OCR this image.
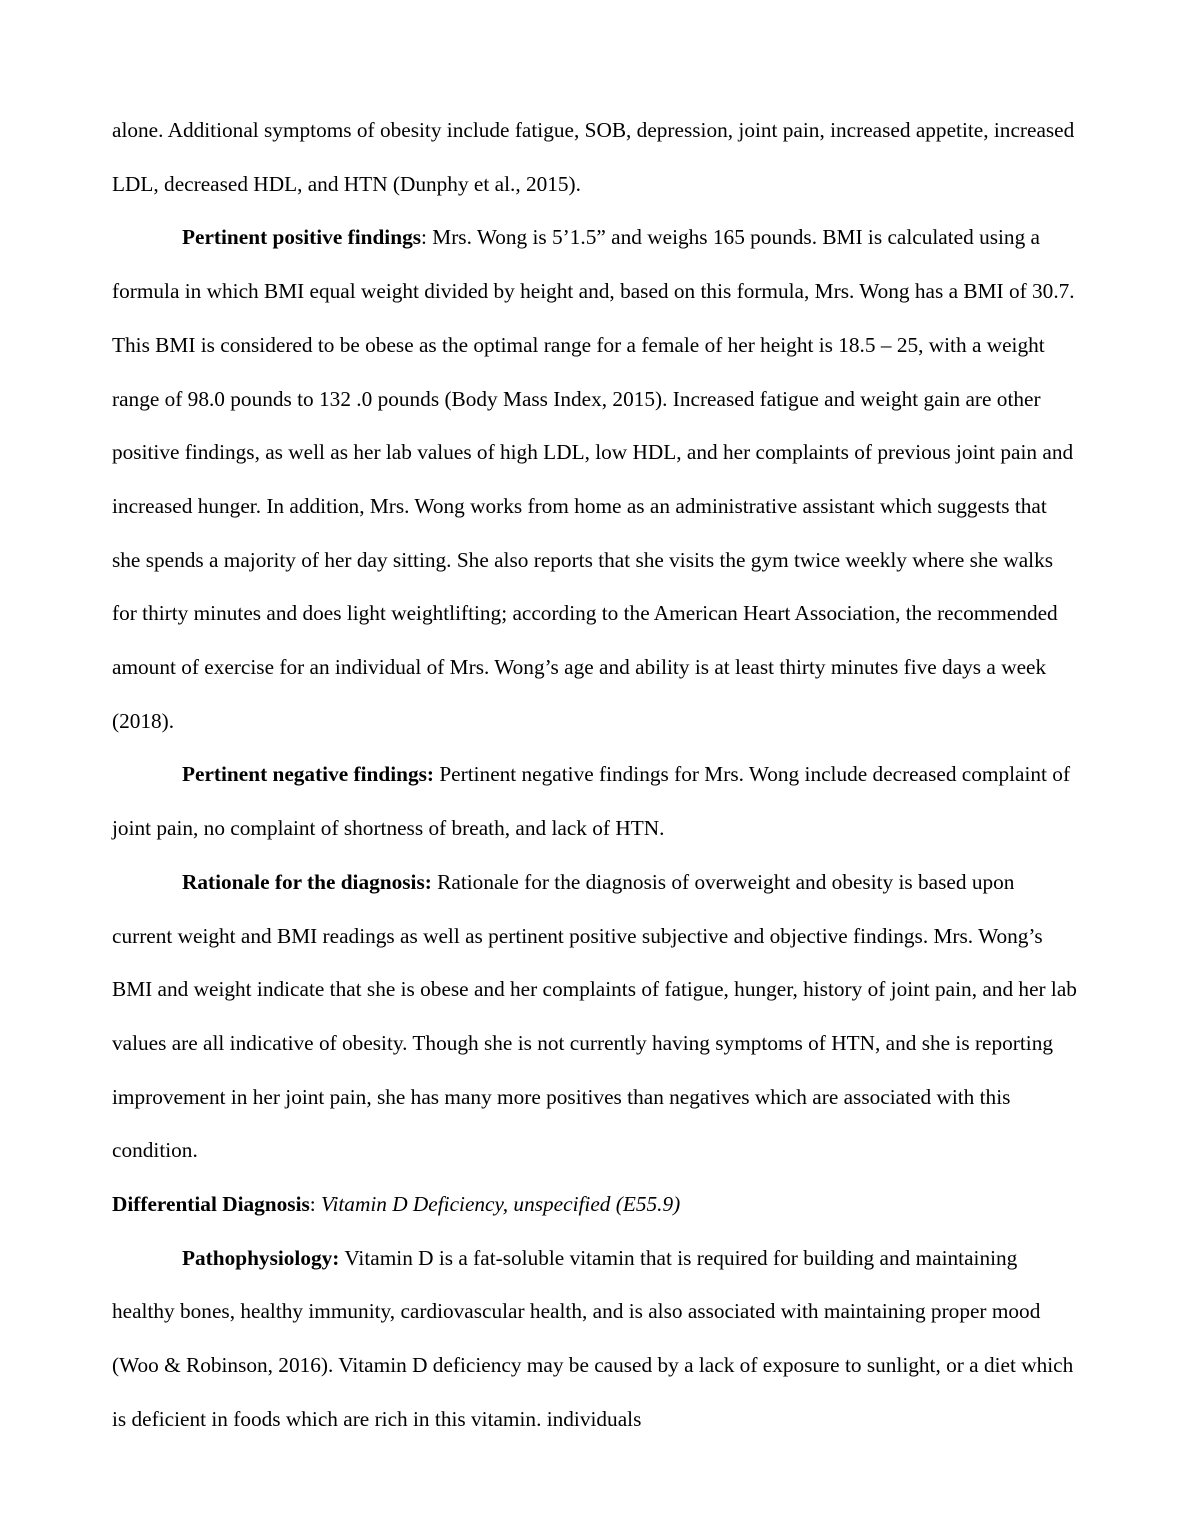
alone. Additional symptoms of obesity include fatigue, SOB, depression, joint pain, increased appetite, increased LDL, decreased HDL, and HTN (Dunphy et al., 2015).

Pertinent positive findings: Mrs. Wong is 5’1.5” and weighs 165 pounds. BMI is calculated using a formula in which BMI equal weight divided by height and, based on this formula, Mrs. Wong has a BMI of 30.7. This BMI is considered to be obese as the optimal range for a female of her height is 18.5 – 25, with a weight range of 98.0 pounds to 132 .0 pounds (Body Mass Index, 2015). Increased fatigue and weight gain are other positive findings, as well as her lab values of high LDL, low HDL, and her complaints of previous joint pain and increased hunger. In addition, Mrs. Wong works from home as an administrative assistant which suggests that she spends a majority of her day sitting. She also reports that she visits the gym twice weekly where she walks for thirty minutes and does light weightlifting; according to the American Heart Association, the recommended amount of exercise for an individual of Mrs. Wong’s age and ability is at least thirty minutes five days a week (2018).

Pertinent negative findings: Pertinent negative findings for Mrs. Wong include decreased complaint of joint pain, no complaint of shortness of breath, and lack of HTN.

Rationale for the diagnosis: Rationale for the diagnosis of overweight and obesity is based upon current weight and BMI readings as well as pertinent positive subjective and objective findings. Mrs. Wong’s BMI and weight indicate that she is obese and her complaints of fatigue, hunger, history of joint pain, and her lab values are all indicative of obesity. Though she is not currently having symptoms of HTN, and she is reporting improvement in her joint pain, she has many more positives than negatives which are associated with this condition.

Differential Diagnosis: Vitamin D Deficiency, unspecified (E55.9)

Pathophysiology: Vitamin D is a fat-soluble vitamin that is required for building and maintaining healthy bones, healthy immunity, cardiovascular health, and is also associated with maintaining proper mood (Woo & Robinson, 2016). Vitamin D deficiency may be caused by a lack of exposure to sunlight, or a diet which is deficient in foods which are rich in this vitamin. individuals
